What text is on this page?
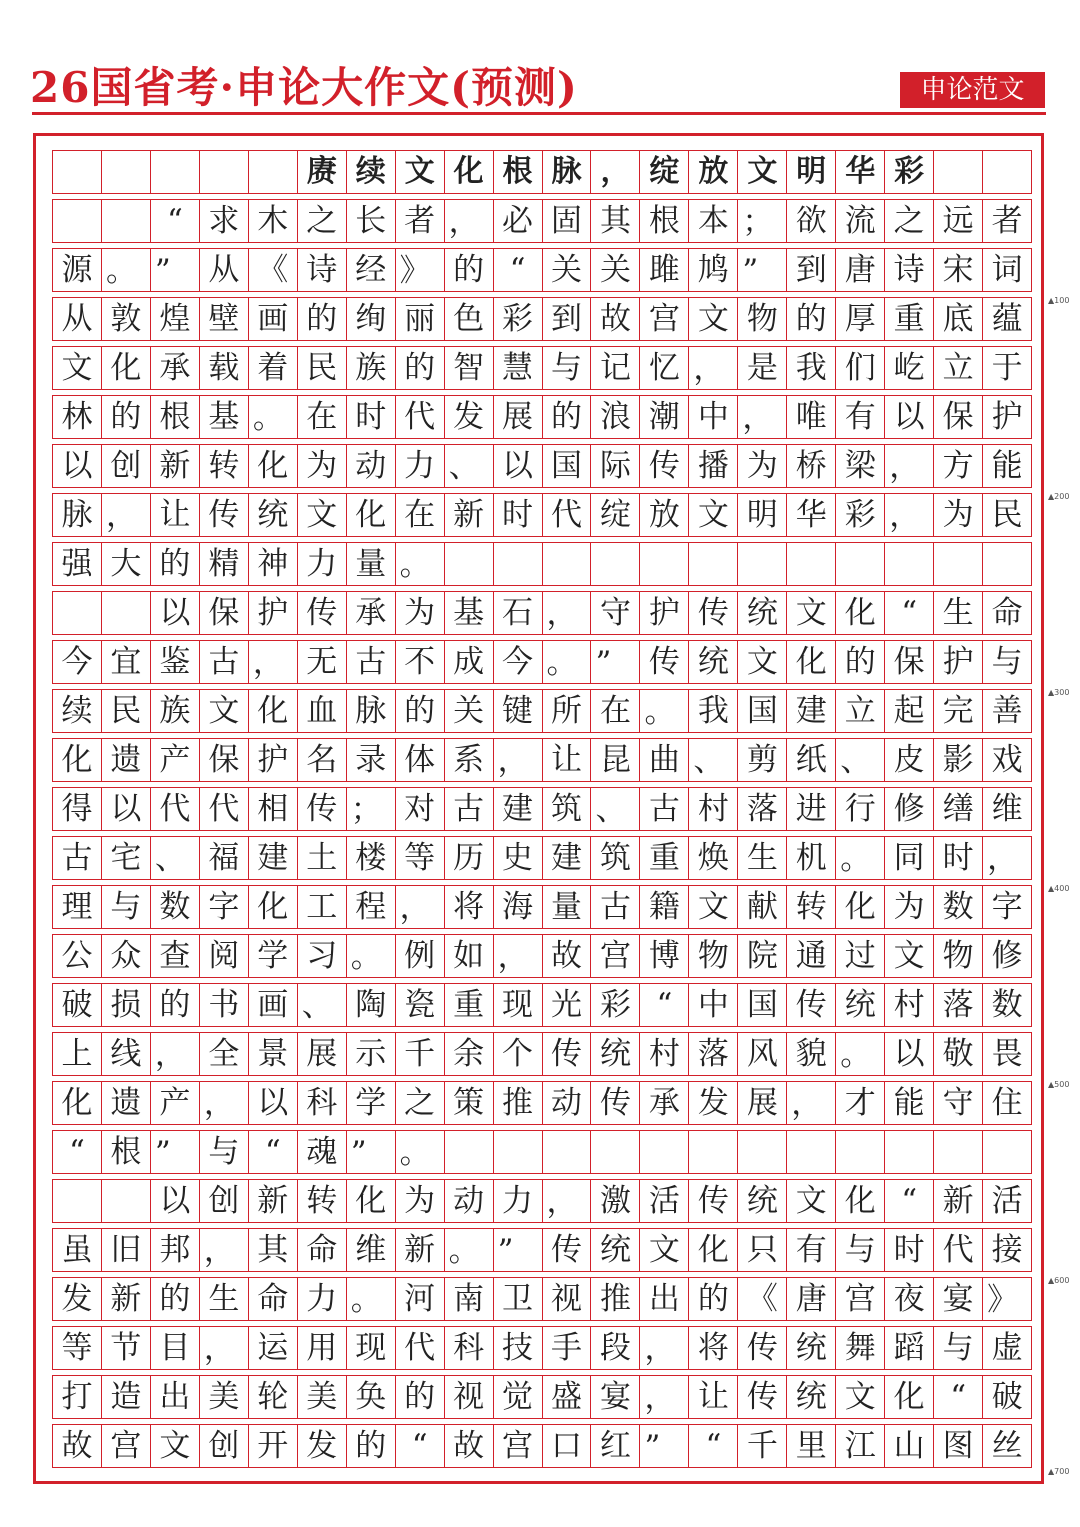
26国省考·申论大作文(预测)	申论范文
赓 续 文 化 根 脉 ， 绽 放 文 明 华 彩
“ 求 木 之 长 者 ， 必 固 其 根 本 ； 欲 流 之 远 者
源 。 ”	从 《 诗 经 》 的 “ 关 关 雎 鸠 ”	到 唐 诗 宋 词
从 敦 煌 壁 画 的 绚 丽 色 彩 到 故 宫 文 物 的 厚 重 底 蕴
文 化 承 载 着 民 族 的 智 慧 与 记 忆 ， 是 我 们 屹 立 于
林 的 根 基 。 在 时 代 发 展 的 浪 潮 中 ， 唯 有 以 保 护
以 创 新 转 化 为 动 力 、 以 国 际 传 播 为 桥 梁 ， 方 能
脉 ， 让 传 统 文 化 在 新 时 代 绽 放 文 明 华 彩 ， 为 民
强 大 的 精 神 力 量 。
以 保 护 传 承 为 基 石 ， 守 护 传 统 文 化 “ 生 命
今 宜 鉴 古 ， 无 古 不 成 今 。 ”	传 统 文 化 的 保 护 与
续 民 族 文 化 血 脉 的 关 键 所 在 。 我 国 建 立 起 完 善
化 遗 产 保 护 名 录 体 系 ， 让 昆 曲 、 剪 纸 、 皮 影 戏
得 以 代 代 相 传 ； 对 古 建 筑 、 古 村 落 进 行 修 缮 维
古 宅 、 福 建 土 楼 等 历 史 建 筑 重 焕 生 机 。 同 时 ，
理 与 数 字 化 工 程 ， 将 海 量 古 籍 文 献 转 化 为 数 字
公 众 查 阅 学 习 。 例 如 ， 故 宫 博 物 院 通 过 文 物 修
破 损 的 书 画 、 陶 瓷 重 现 光 彩 “ 中 国 传 统 村 落 数
上 线 ， 全 景 展 示 千 余 个 传 统 村 落 风 貌 。 以 敬 畏
化 遗 产 ， 以 科 学 之 策 推 动 传 承 发 展 ， 才 能 守 住
“ 根 ”	与 “ 魂 ”	。
以 创 新 转 化 为 动 力 ， 激 活 传 统 文 化 “ 新 活
虽 旧 邦 ， 其 命 维 新 。 ”	传 统 文 化 只 有 与 时 代 接
发 新 的 生 命 力 。 河 南 卫 视 推 出 的 《 唐 宫 夜 宴 》
等 节 目 ， 运 用 现 代 科 技 手 段 ， 将 传 统 舞 蹈 与 虚
打 造 出 美 轮 美 奂 的 视 觉 盛 宴 ， 让 传 统 文 化 “ 破
故 宫 文 创 开 发 的 “ 故 宫 口 红 ”	“ 千 里 江 山 图 丝
▲100
▲200
▲300
▲400
▲500
▲600
▲700
